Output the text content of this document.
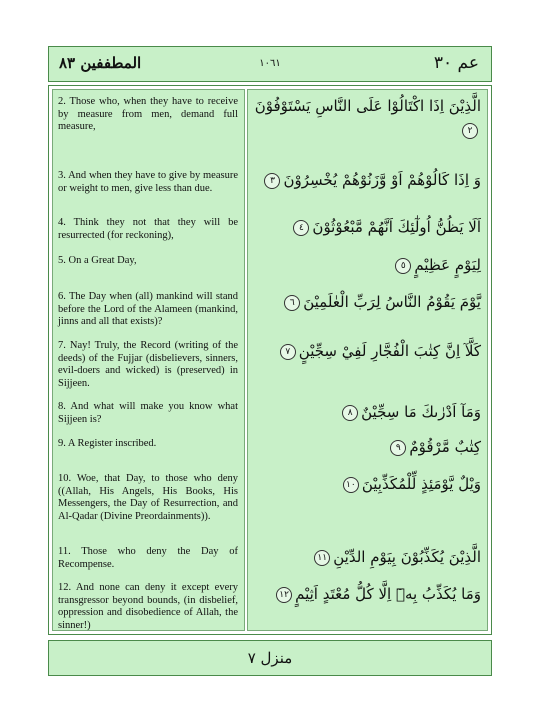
المطففين ٨٣	١٠٦١	عم ٣٠

2. Those who, when they have to receive by measure from men, demand full measure,

3. And when they have to give by measure or weight to men, give less than due.

4. Think they not that they will be resurrected (for reckoning),

5. On a Great Day,

6. The Day when (all) mankind will stand before the Lord of the Alameen (mankind, jinns and all that exists)?

7. Nay! Truly, the Record (writing of the deeds) of the Fujjar (disbelievers, sinners, evil-doers and wicked) is (preserved) in Sijjeen.

8. And what will make you know what Sijjeen is?

9. A Register inscribed.

10. Woe, that Day, to those who deny ((Allah, His Angels, His Books, His Messengers, the Day of Resurrection, and Al-Qadar (Divine Preordainments)).

11. Those who deny the Day of Recompense.

12. And none can deny it except every transgressor beyond bounds, (in disbelief, oppression and disobedience of Allah, the sinner!)

الَّذِيْنَ اِذَا اكْتَالُوْا عَلَى النَّاسِ يَسْتَوْفُوْنَ٢

وَ اِذَا كَالُوْهُمْ اَوْ وَّزَنُوْهُمْ يُخْسِرُوْنَ٣

اَلَا يَظُنُّ اُولٰٓئِكَ اَنَّهُمْ مَّبْعُوْثُوْنَ٤

لِيَوْمٍ عَظِيْمٍ٥

يَّوْمَ يَقُوْمُ النَّاسُ لِرَبِّ الْعٰلَمِيْنَ٦

كَلَّآ اِنَّ كِتٰبَ الْفُجَّارِ لَفِيْ سِجِّيْنٍ٧

وَمَآ اَدْرٰىكَ مَا سِجِّيْنٌ٨

كِتٰبٌ مَّرْقُوْمٌ٩

وَيْلٌ يَّوْمَئِذٍ لِّلْمُكَذِّبِيْنَ١٠

الَّذِيْنَ يُكَذِّبُوْنَ بِيَوْمِ الدِّيْنِ١١

وَمَا يُكَذِّبُ بِهٖٓ اِلَّا كُلُّ مُعْتَدٍ اَثِيْمٍ١٢

منزل ٧
